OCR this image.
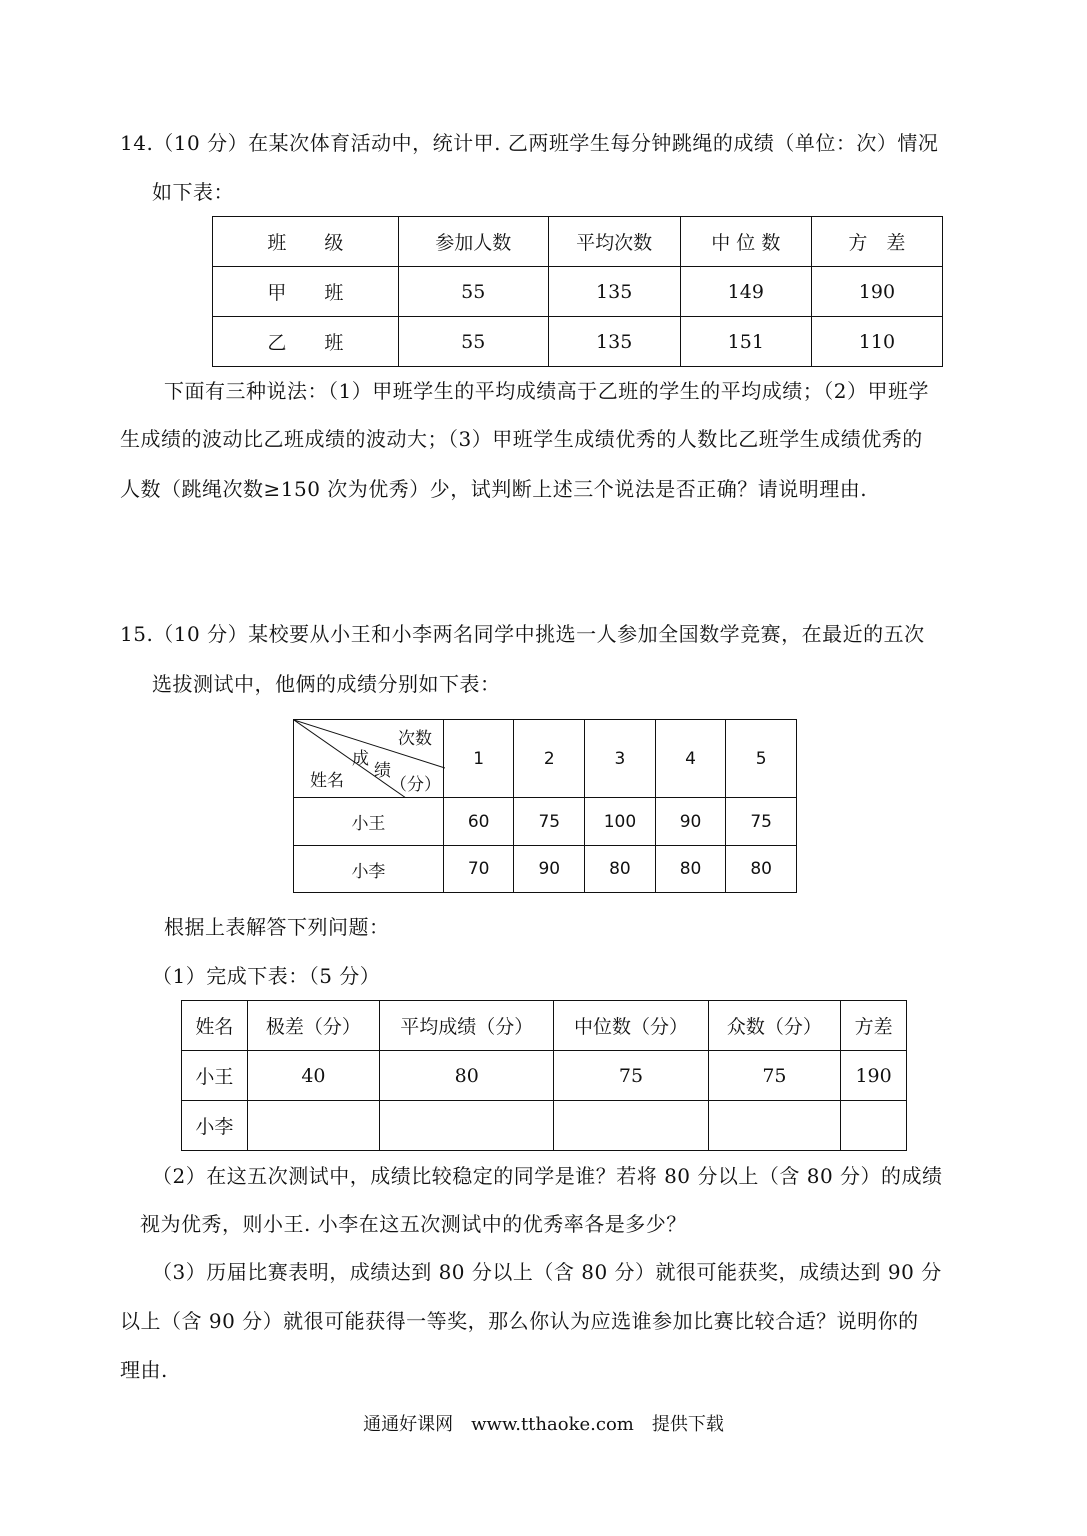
14.（10 分）在某次体育活动中，统计甲. 乙两班学生每分钟跳绳的成绩（单位：次）情况
如下表：
班　　级	参加人数	平均次数	中 位 数	方　差
甲　　班	55	135	149	190
乙　　班	55	135	151	110
下面有三种说法：（1）甲班学生的平均成绩高于乙班的学生的平均成绩；（2）甲班学
生成绩的波动比乙班成绩的波动大；（3）甲班学生成绩优秀的人数比乙班学生成绩优秀的
人数（跳绳次数≥150 次为优秀）少，试判断上述三个说法是否正确？请说明理由.
15.（10 分）某校要从小王和小李两名同学中挑选一人参加全国数学竞赛，在最近的五次
选拔测试中，他俩的成绩分别如下表：
次数
成
绩
（分）
姓名	1	2	3	4	5
小王	60	75	100	90	75
小李	70	90	80	80	80
根据上表解答下列问题：
（1）完成下表：（5 分）
姓名	极差（分）	平均成绩（分）	中位数（分）	众数（分）	方差
小王	40	80	75	75	190
小李					
（2）在这五次测试中，成绩比较稳定的同学是谁？若将 80 分以上（含 80 分）的成绩
视为优秀，则小王. 小李在这五次测试中的优秀率各是多少？
（3）历届比赛表明，成绩达到 80 分以上（含 80 分）就很可能获奖，成绩达到 90 分
以上（含 90 分）就很可能获得一等奖，那么你认为应选谁参加比赛比较合适？说明你的
理由.
通通好课网　www.tthaoke.com　提供下载
